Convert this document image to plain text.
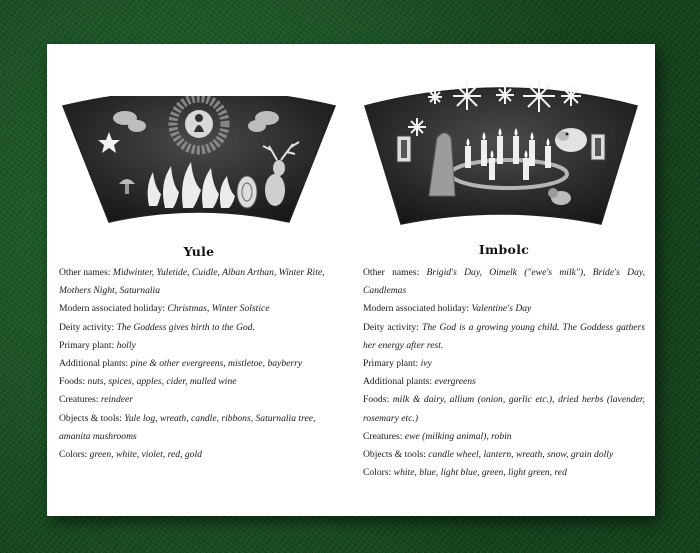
Yule

Other names: Midwinter, Yuletide, Cuidle, Alban Arthan, Winter Rite, Mothers Night, Saturnalia

Modern associated holiday: Christmas, Winter Solstice

Deity activity: The Goddess gives birth to the God.

Primary plant: holly

Additional plants: pine & other evergreens, mistletoe, bayberry

Foods: nuts, spices, apples, cider, mulled wine

Creatures: reindeer

Objects & tools: Yule log, wreath, candle, ribbons, Saturnalia tree, amanita mushrooms

Colors: green, white, violet, red, gold

Imbolc

Other names: Brigid's Day, Oimelk ("ewe's milk"), Bride's Day, Candlemas

Modern associated holiday: Valentine's Day

Deity activity: The God is a growing young child. The Goddess gathers her energy after rest.

Primary plant: ivy

Additional plants: evergreens

Foods: milk & dairy, allium (onion, garlic etc.), dried herbs (lavender, rosemary etc.)

Creatures: ewe (milking animal), robin

Objects & tools: candle wheel, lantern, wreath, snow, grain dolly

Colors: white, blue, light blue, green, light green, red
